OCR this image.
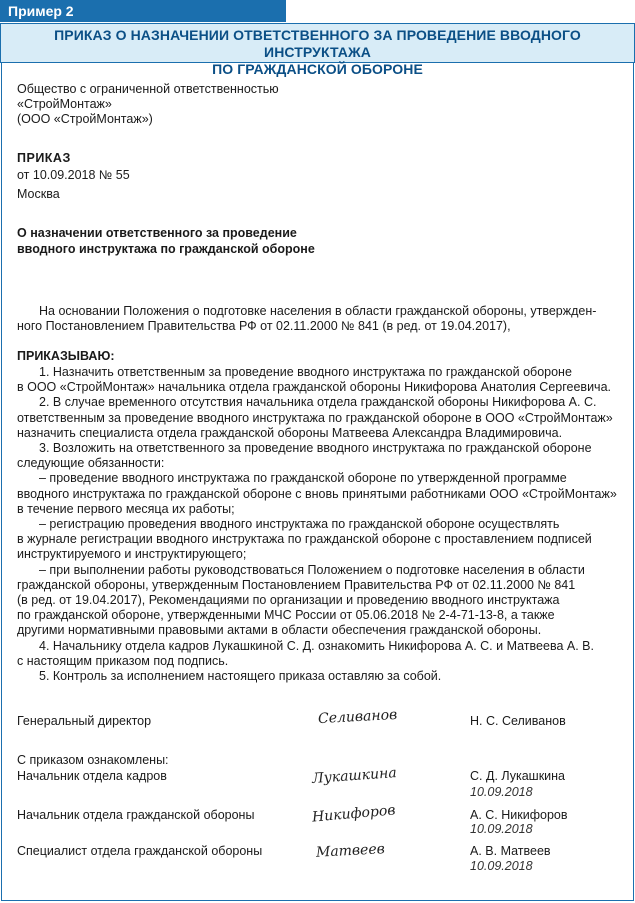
Пример 2
ПРИКАЗ О НАЗНАЧЕНИИ ОТВЕТСТВЕННОГО ЗА ПРОВЕДЕНИЕ ВВОДНОГО ИНСТРУКТАЖА
ПО ГРАЖДАНСКОЙ ОБОРОНЕ
Общество с ограниченной ответственностью
«СтройМонтаж»
(ООО «СтройМонтаж»)
ПРИКАЗ
от 10.09.2018 № 55
Москва
О назначении ответственного за проведение
вводного инструктажа по гражданской обороне

На основании Положения о подготовке населения в области гражданской обороны, утвержден-

ного Постановлением Правительства РФ от 02.11.2000 № 841 (в ред. от 19.04.2017),

ПРИКАЗЫВАЮ:

1. Назначить ответственным за проведение вводного инструктажа по гражданской обороне

в ООО «СтройМонтаж» начальника отдела гражданской обороны Никифорова Анатолия Сергеевича.

2. В случае временного отсутствия начальника отдела гражданской обороны Никифорова А. С.

ответственным за проведение вводного инструктажа по гражданской обороне в ООО «СтройМонтаж»

назначить специалиста отдела гражданской обороны Матвеева Александра Владимировича.

3. Возложить на ответственного за проведение вводного инструктажа по гражданской обороне

следующие обязанности:

– проведение вводного инструктажа по гражданской обороне по утвержденной программе

вводного инструктажа по гражданской обороне с вновь принятыми работниками ООО «СтройМонтаж»

в течение первого месяца их работы;

– регистрацию проведения вводного инструктажа по гражданской обороне осуществлять

в журнале регистрации вводного инструктажа по гражданской обороне с проставлением подписей

инструктируемого и инструктирующего;

– при выполнении работы руководствоваться Положением о подготовке населения в области

гражданской обороны, утвержденным Постановлением Правительства РФ от 02.11.2000 № 841

(в ред. от 19.04.2017), Рекомендациями по организации и проведению вводного инструктажа

по гражданской обороне, утвержденными МЧС России от 05.06.2018 № 2-4-71-13-8, а также

другими нормативными правовыми актами в области обеспечения гражданской обороны.

4. Начальнику отдела кадров Лукашкиной С. Д. ознакомить Никифорова А. С. и Матвеева А. В.

с настоящим приказом под подпись.

5. Контроль за исполнением настоящего приказа оставляю за собой.

Генеральный директор	Селиванов	Н. С. Селиванов
С приказом ознакомлены:
Начальник отдела кадров	Лукашкина	С. Д. Лукашкина
10.09.2018
Начальник отдела гражданской обороны	Никифоров	А. С. Никифоров
10.09.2018
Специалист отдела гражданской обороны	Матвеев	А. В. Матвеев
10.09.2018
